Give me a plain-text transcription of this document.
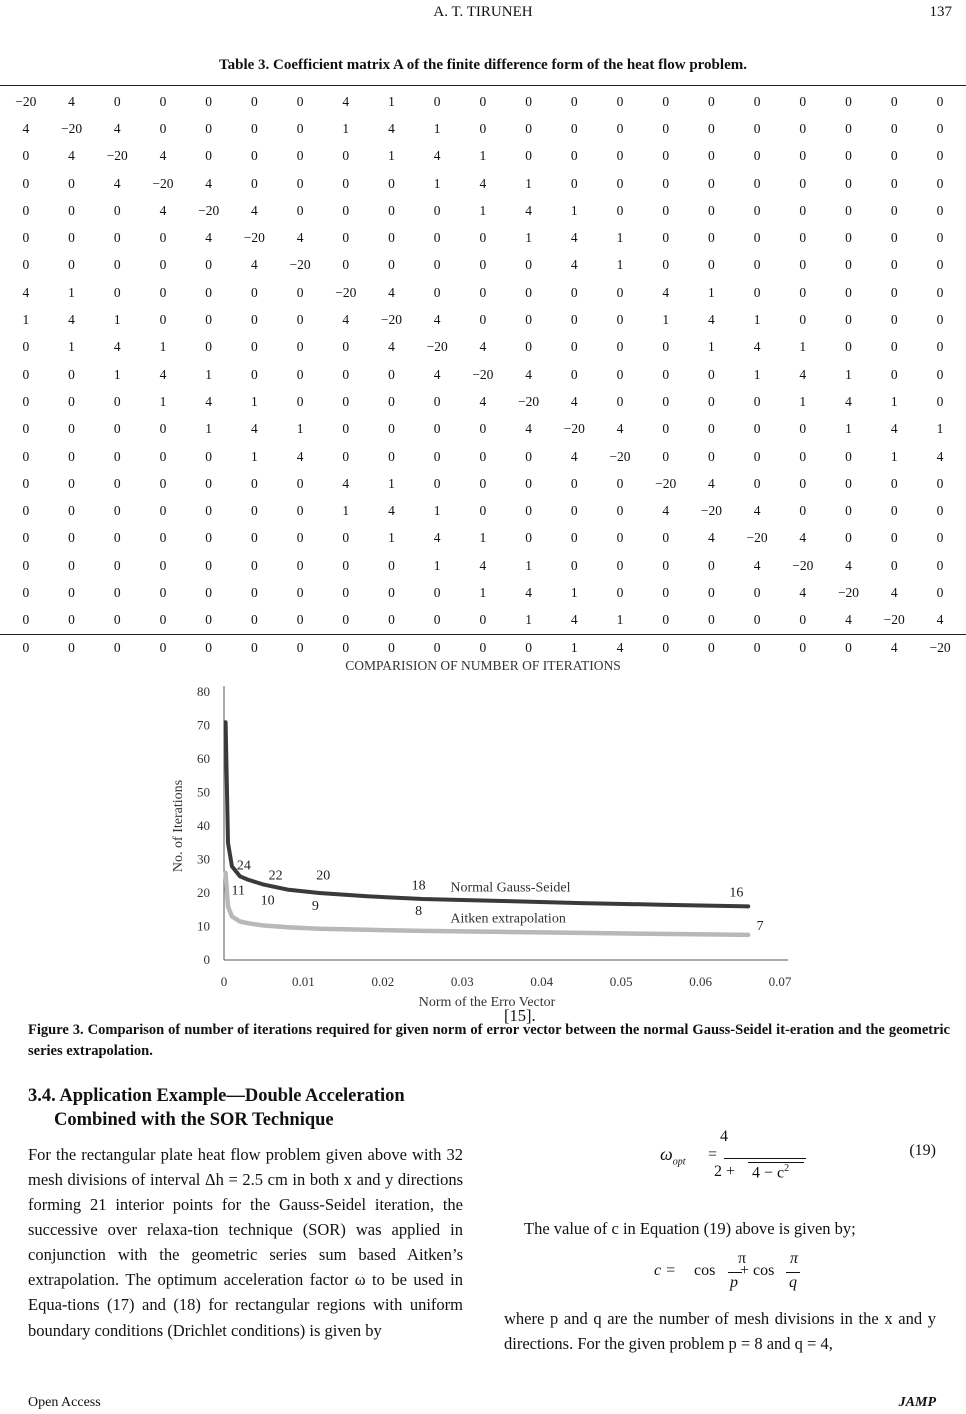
A. T. TIRUNEH	137
Table 3. Coefficient matrix A of the finite difference form of the heat flow problem.
−20	4	0	0	0	0	0	4	1	0	0	0	0	0	0	0	0	0	0	0	0
4	−20	4	0	0	0	0	1	4	1	0	0	0	0	0	0	0	0	0	0	0
0	4	−20	4	0	0	0	0	1	4	1	0	0	0	0	0	0	0	0	0	0
0	0	4	−20	4	0	0	0	0	1	4	1	0	0	0	0	0	0	0	0	0
0	0	0	4	−20	4	0	0	0	0	1	4	1	0	0	0	0	0	0	0	0
0	0	0	0	4	−20	4	0	0	0	0	1	4	1	0	0	0	0	0	0	0
0	0	0	0	0	4	−20	0	0	0	0	0	4	1	0	0	0	0	0	0	0
4	1	0	0	0	0	0	−20	4	0	0	0	0	0	4	1	0	0	0	0	0
1	4	1	0	0	0	0	4	−20	4	0	0	0	0	1	4	1	0	0	0	0
0	1	4	1	0	0	0	0	4	−20	4	0	0	0	0	1	4	1	0	0	0
0	0	1	4	1	0	0	0	0	4	−20	4	0	0	0	0	1	4	1	0	0
0	0	0	1	4	1	0	0	0	0	4	−20	4	0	0	0	0	1	4	1	0
0	0	0	0	1	4	1	0	0	0	0	4	−20	4	0	0	0	0	1	4	1
0	0	0	0	0	1	4	0	0	0	0	0	4	−20	0	0	0	0	0	1	4
0	0	0	0	0	0	0	4	1	0	0	0	0	0	−20	4	0	0	0	0	0
0	0	0	0	0	0	0	1	4	1	0	0	0	0	4	−20	4	0	0	0	0
0	0	0	0	0	0	0	0	1	4	1	0	0	0	0	4	−20	4	0	0	0
0	0	0	0	0	0	0	0	0	1	4	1	0	0	0	0	4	−20	4	0	0
0	0	0	0	0	0	0	0	0	0	1	4	1	0	0	0	0	4	−20	4	0
0	0	0	0	0	0	0	0	0	0	0	1	4	1	0	0	0	0	4	−20	4
0	0	0	0	0	0	0	0	0	0	0	0	1	4	0	0	0	0	0	4	−20
COMPARISION OF NUMBER OF ITERATIONS
0
10
20
30
40
50
60
70
80
0	0.01	0.02	0.03	0.04	0.05	0.06	0.07
No. of Iterations
Norm of the Erro Vector
Normal Gauss-Seidel
Aitken extrapolation
24
22 20
18	16
11
10	9	8
7
Figure 3. Comparison of number of iterations required for given norm of error vector between the normal Gauss-Seidel it-eration and the geometric series extrapolation.
3.4. Application Example—Double Acceleration
Combined with the SOR Technique
For the rectangular plate heat flow problem given above with 32 mesh divisions of interval Δh = 2.5 cm in both x and y directions forming 21 interior points for the Gauss-Seidel iteration, the successive over relaxa-tion technique (SOR) was applied in conjunction with the geometric series sum based Aitken’s extrapolation. The optimum acceleration factor ω to be used in Equa-tions (17) and (18) for rectangular regions with uniform boundary conditions (Drichlet conditions) is given by
[15].
4
$\omega_{opt}$ =
$2 + 4 - c^2$
(19)
The value of c in Equation (19) above is given by;
π	π
c = cos + cos
p	q
where p and q are the number of mesh divisions in the x and y directions. For the given problem p = 8 and q = 4,
Open Access	JAMP
